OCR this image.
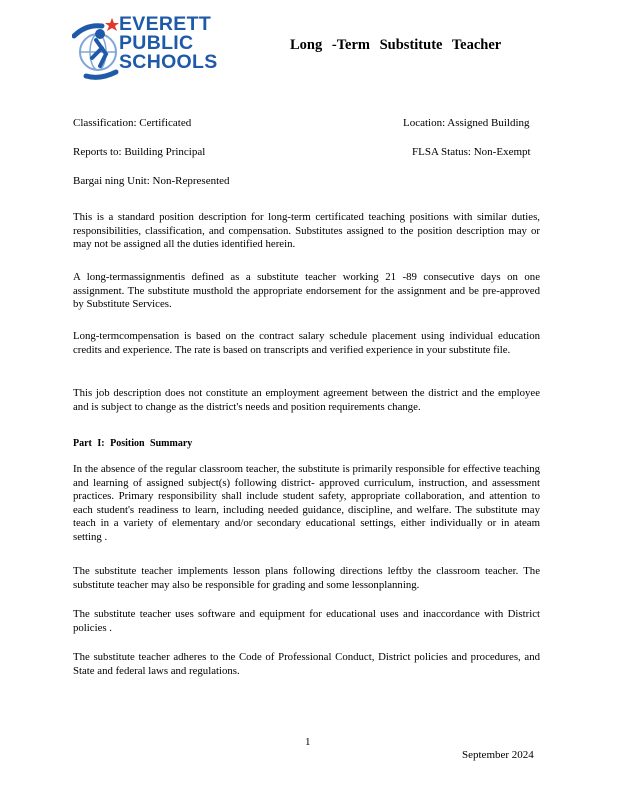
EVERETT
PUBLIC
SCHOOLS
Long -Term Substitute Teacher
Classification: Certificated	Location: Assigned Building
Reports to: Building Principal	FLSA Status: Non-Exempt
Bargai ning Unit: Non-Represented
This is a standard position description for long-term certificated teaching positions with similar duties, responsibilities, classification, and compensation. Substitutes assigned to the position description may or may not be assigned all the duties identified herein.
A long-termassignmentis defined as a substitute teacher working 21 -89 consecutive days on one assignment. The substitute musthold the appropriate endorsement for the assignment and be pre-approved by Substitute Services.
Long-termcompensation is based on the contract salary schedule placement using individual education credits and experience. The rate is based on transcripts and verified experience in your substitute file.
This job description does not constitute an employment agreement between the district and the employee and is subject to change as the district's needs and position requirements change.
Part I: Position Summary
In the absence of the regular classroom teacher, the substitute is primarily responsible for effective teaching and learning of assigned subject(s) following district- approved curriculum, instruction, and assessment practices. Primary responsibility shall include student safety, appropriate collaboration, and attention to each student's readiness to learn, including needed guidance, discipline, and welfare. The substitute may teach in a variety of elementary and/or secondary educational settings, either individually or in ateam setting .
The substitute teacher implements lesson plans following directions leftby the classroom teacher. The substitute teacher may also be responsible for grading and some lessonplanning.
The substitute teacher uses software and equipment for educational uses and inaccordance with District policies .
The substitute teacher adheres to the Code of Professional Conduct, District policies and procedures, and State and federal laws and regulations.
1
September 2024
